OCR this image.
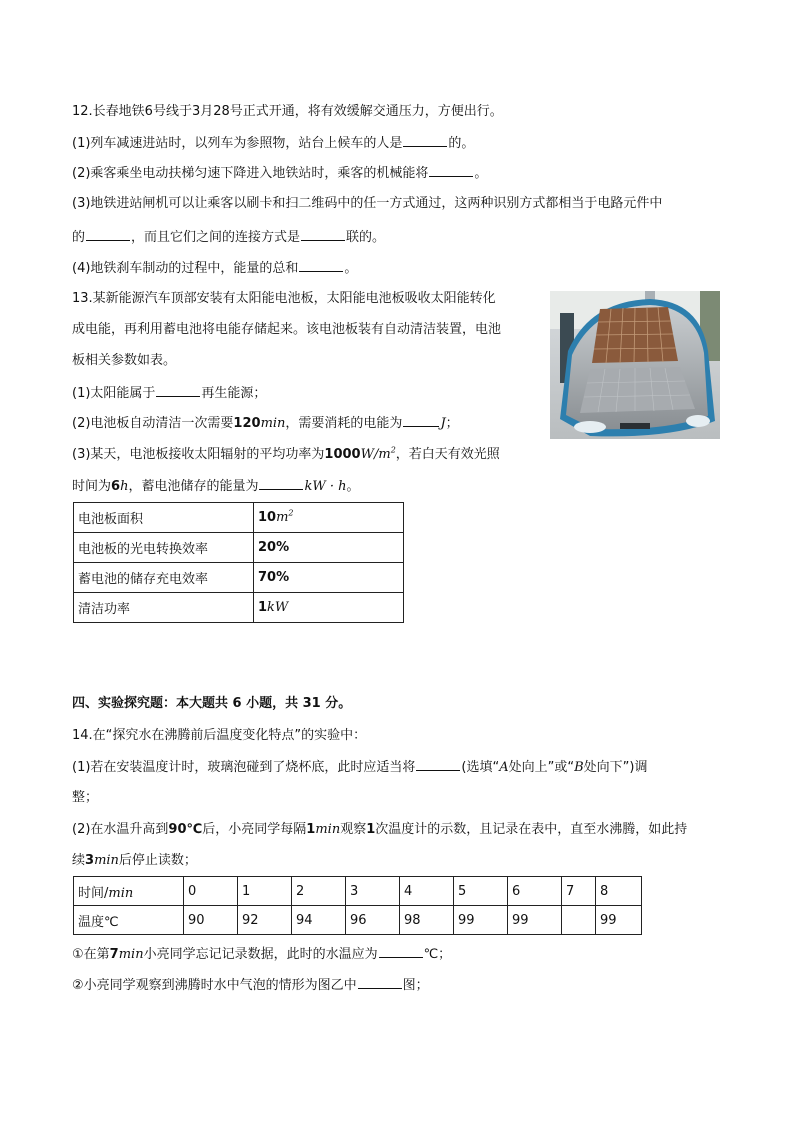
12.长春地铁6号线于3月28号正式开通，将有效缓解交通压力，方便出行。
(1)列车减速进站时，以列车为参照物，站台上候车的人是	的。
(2)乘客乘坐电动扶梯匀速下降进入地铁站时，乘客的机械能将	。
(3)地铁进站闸机可以让乘客以刷卡和扫二维码中的任一方式通过，这两种识别方式都相当于电路元件中
的	，而且它们之间的连接方式是	联的。
(4)地铁刹车制动的过程中，能量的总和	。
13.某新能源汽车顶部安装有太阳能电池板，太阳能电池板吸收太阳能转化
成电能，再利用蓄电池将电能存储起来。该电池板装有自动清洁装置，电池
板相关参数如表。
(1)太阳能属于	再生能源；
(2)电池板自动清洁一次需要120min，需要消耗的电能为	J；
(3)某天，电池板接收太阳辐射的平均功率为$1000W/m^2$，若白天有效光照
时间为6h，蓄电池储存的能量为	kW · h。
电池板面积	$10m^2$
电池板的光电转换效率	20%
蓄电池的储存充电效率	70%
清洁功率	1kW
四、实验探究题：本大题共 6 小题，共 31 分。
14.在“探究水在沸腾前后温度变化特点”的实验中：
(1)若在安装温度计时，玻璃泡碰到了烧杯底，此时应适当将	(选填“A处向上”或“B处向下”)调
整；
(2)在水温升高到90℃后，小亮同学每隔1min观察1次温度计的示数，且记录在表中，直至水沸腾，如此持
续3min后停止读数；
时间/min	0	1	2	3	4	5	6	7	8
温度℃	90	92	94	96	98	99	99		99
①在第7min小亮同学忘记记录数据，此时的水温应为	℃；
②小亮同学观察到沸腾时水中气泡的情形为图乙中	图；
